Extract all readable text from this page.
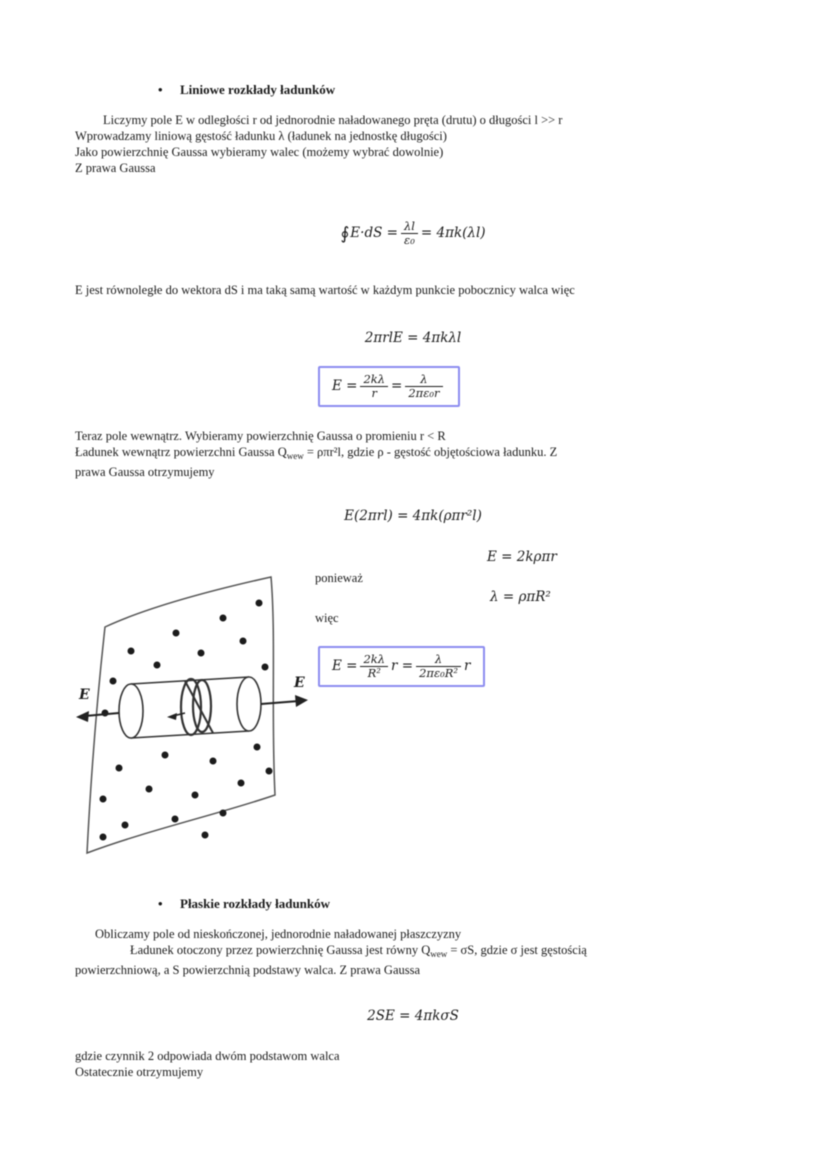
• Liniowe rozkłady ładunków
Liczymy pole E w odległości r od jednorodnie naładowanego pręta (drutu) o długości l >> r
Wprowadzamy liniową gęstość ładunku λ (ładunek na jednostkę długości)
Jako powierzchnię Gaussa wybieramy walec (możemy wybrać dowolnie)
Z prawa Gaussa
∮E·dS = $\frac{\lambda l}{\text{ε₀}} = 4\pi k(\lambda l)$
E jest równoległe do wektora dS i ma taką samą wartość w każdym punkcie pobocznicy walca więc
2πrlE = 4πkλl
$E = \frac{2k\lambda}{r} = \frac{\lambda}{\text{2πε₀r}}$
Teraz pole wewnątrz. Wybieramy powierzchnię Gaussa o promieniu r < R
Ładunek wewnątrz powierzchni Gaussa $Q_{wew} = \rho\pi r^2l$, gdzie ρ - gęstość objętościowa ładunku. Z
prawa Gaussa otrzymujemy
E(2πrl) = 4πk(ρπr²l)
ponieważ
więc
E = 2kρπr
λ = ρπR²
$E = \frac{2k\lambda}{\text{R²}}$ $r = \frac{\lambda}{\text{2πε₀R²}}$ r
E
E
• Płaskie rozkłady ładunków
Obliczamy pole od nieskończonej, jednorodnie naładowanej płaszczyzny
Ładunek otoczony przez powierzchnię Gaussa jest równy $Q_{wew} = \sigma S$, gdzie σ jest gęstością
powierzchniową, a S powierzchnią podstawy walca. Z prawa Gaussa
2SE = 4πkσS
gdzie czynnik 2 odpowiada dwóm podstawom walca
Ostatecznie otrzymujemy
